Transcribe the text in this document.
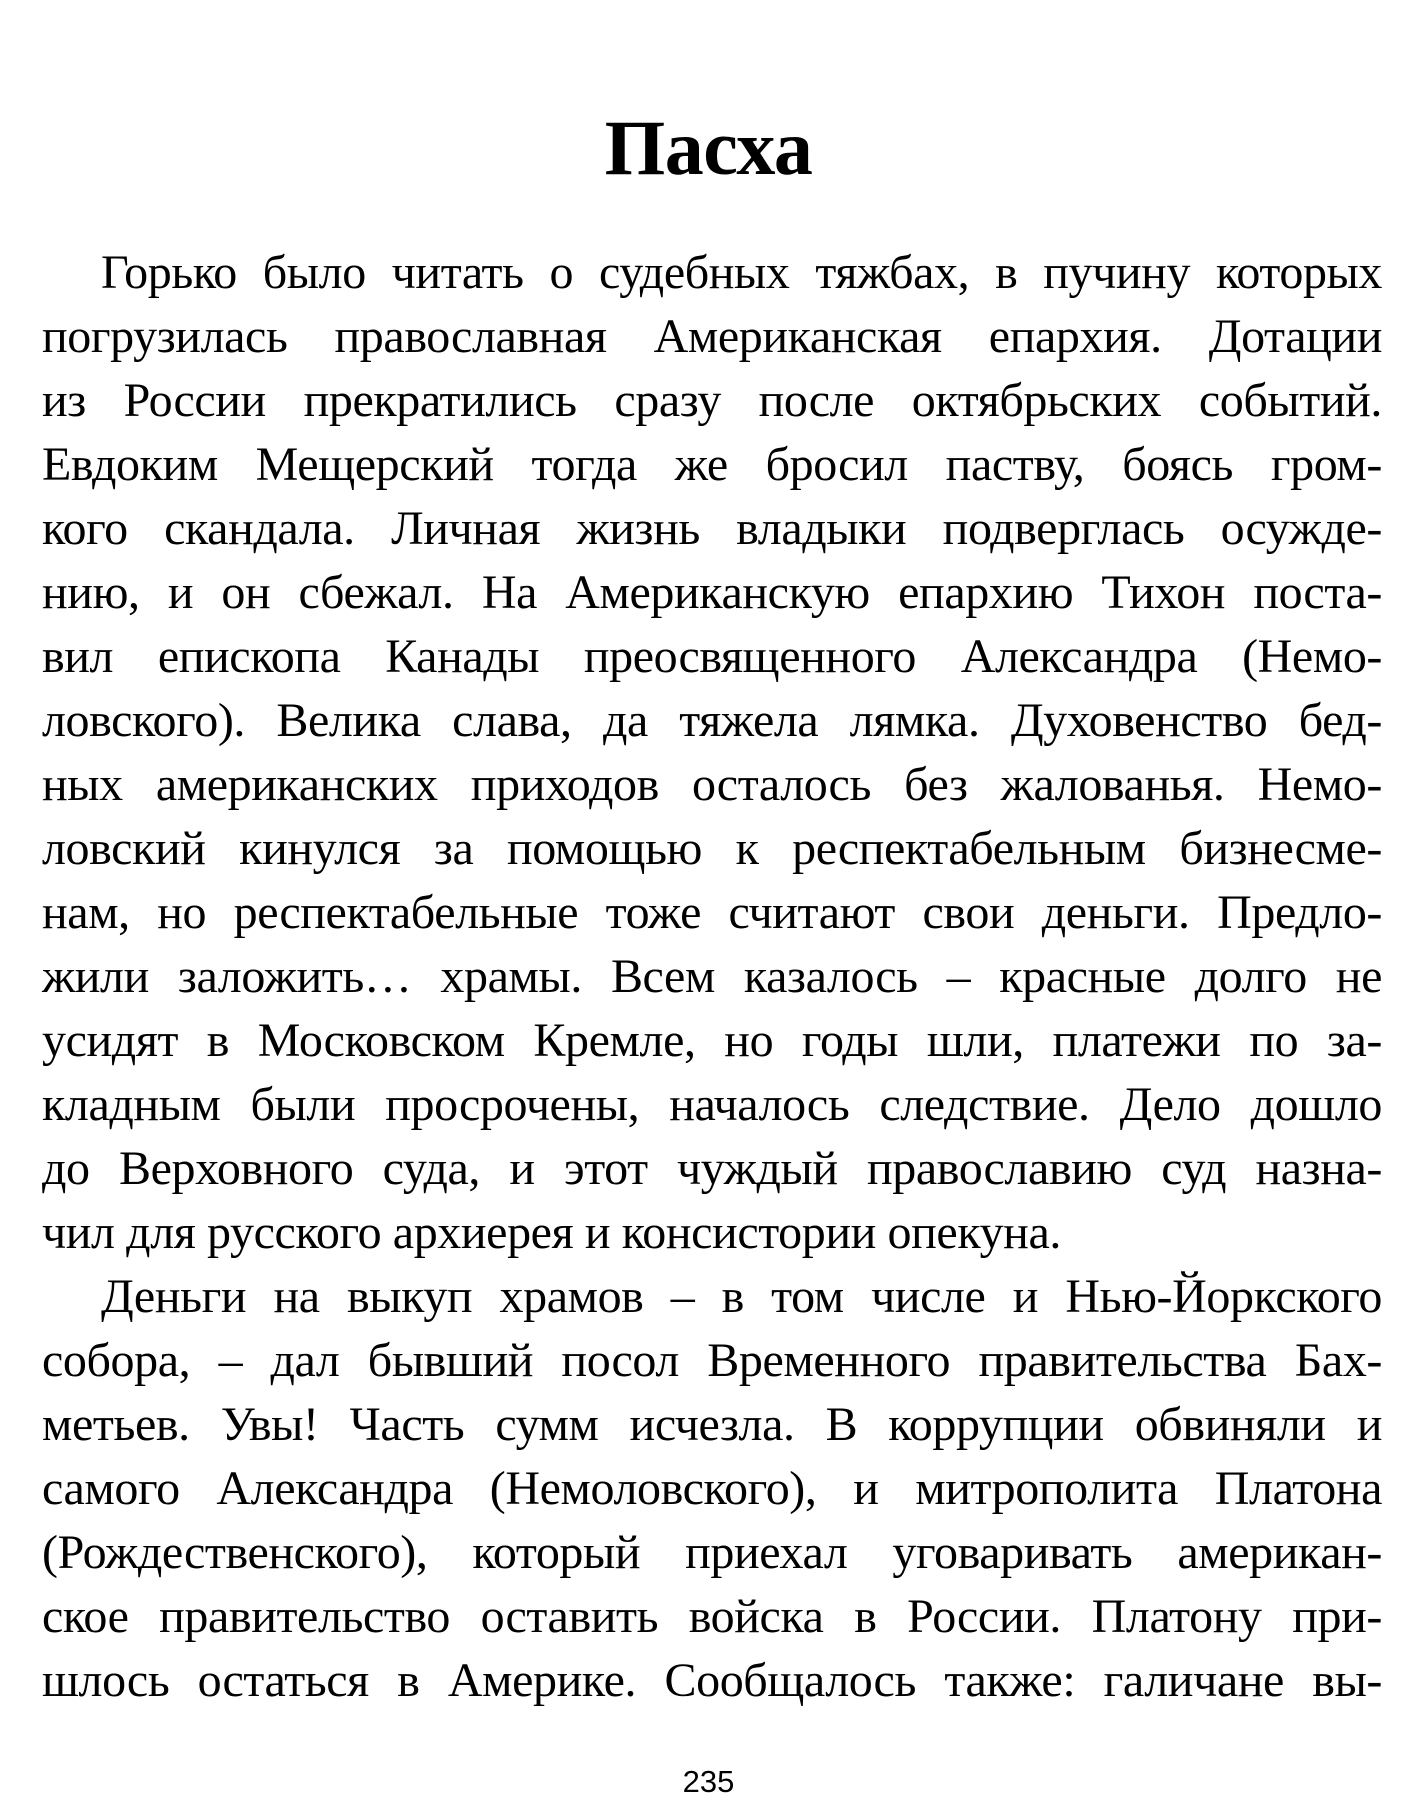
Пасха
Горько было читать о судебных тяжбах, в пучину которых
погрузилась православная Американская епархия. Дотации
из России прекратились сразу после октябрьских событий.
Евдоким Мещерский тогда же бросил паству, боясь гром-
кого скандала. Личная жизнь владыки подверглась осужде-
нию, и он сбежал. На Американскую епархию Тихон поста-
вил епископа Канады преосвященного Александра (Немо-
ловского). Велика слава, да тяжела лямка. Духовенство бед-
ных американских приходов осталось без жалованья. Немо-
ловский кинулся за помощью к респектабельным бизнесме-
нам, но респектабельные тоже считают свои деньги. Предло-
жили заложить… храмы. Всем казалось – красные долго не
усидят в Московском Кремле, но годы шли, платежи по за-
кладным были просрочены, началось следствие. Дело дошло
до Верховного суда, и этот чуждый православию суд назна-
чил для русского архиерея и консистории опекуна.
Деньги на выкуп храмов – в том числе и Нью-Йоркского
собора, – дал бывший посол Временного правительства Бах-
метьев. Увы! Часть сумм исчезла. В коррупции обвиняли и
самого Александра (Немоловского), и митрополита Платона
(Рождественского), который приехал уговаривать американ-
ское правительство оставить войска в России. Платону при-
шлось остаться в Америке. Сообщалось также: галичане вы-
235
